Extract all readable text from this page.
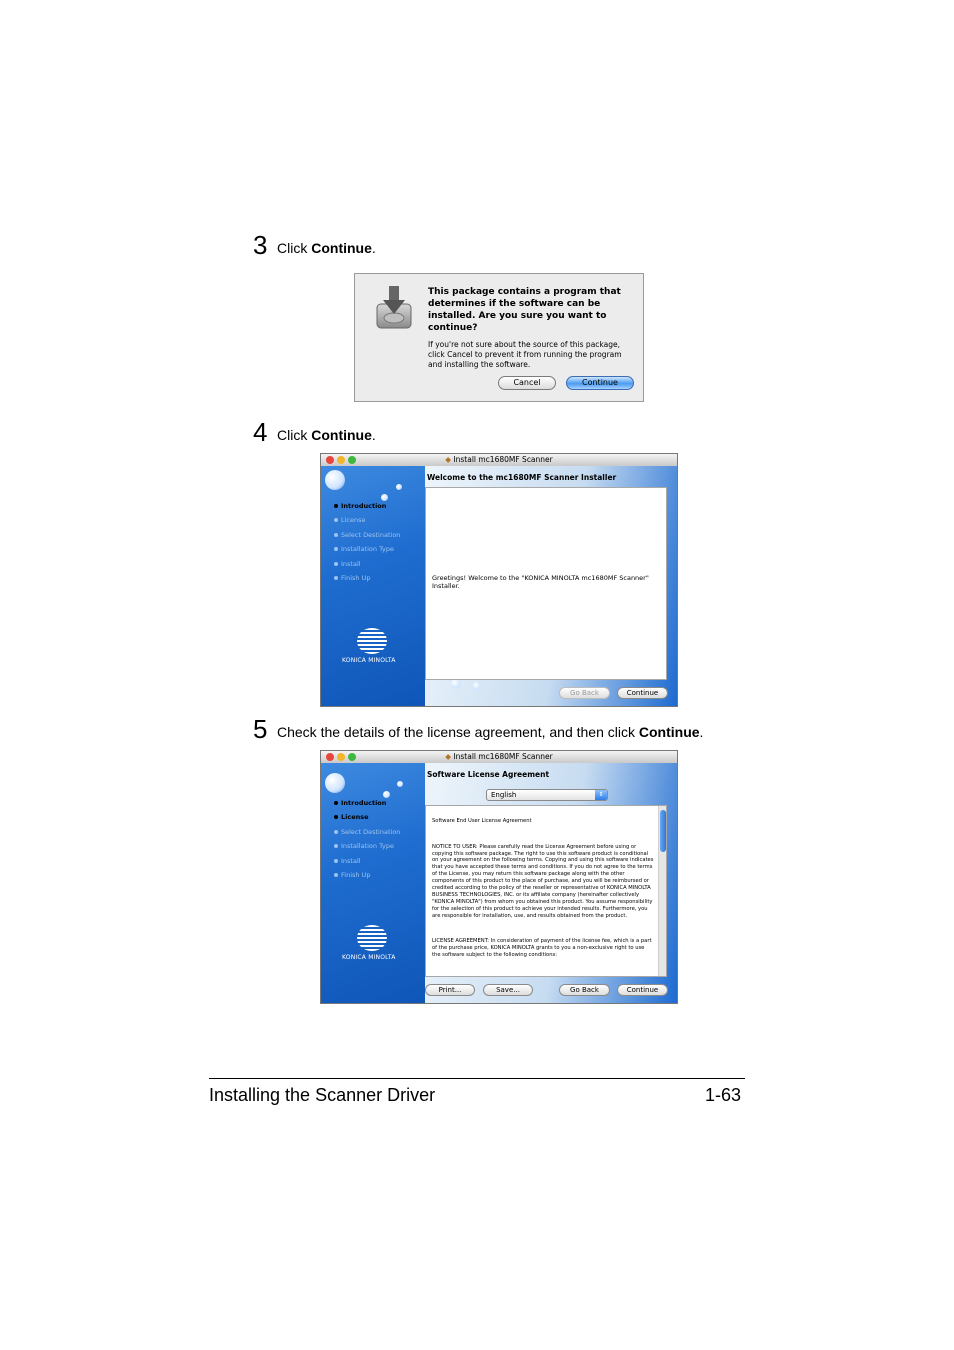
3 Click Continue.
This package contains a program that determines if the software can be installed. Are you sure you want to continue?
If you're not sure about the source of this package, click Cancel to prevent it from running the program and installing the software.
Cancel	Continue
4 Click Continue.
◆ Install mc1680MF Scanner
Welcome to the mc1680MF Scanner Installer
Introduction
License
Select Destination
Installation Type
Install
Finish Up
KONICA MINOLTA
Greetings! Welcome to the "KONICA MINOLTA mc1680MF Scanner" Installer.
Go Back	Continue
5 Check the details of the license agreement, and then click Continue.
◆ Install mc1680MF Scanner
Software License Agreement
Introduction
License
Select Destination
Installation Type
Install
Finish Up
KONICA MINOLTA
English	⇕

Software End User License Agreement

NOTICE TO USER: Please carefully read the License Agreement before using or copying this software package. The right to use this software product is conditional on your agreement on the following terms. Copying and using this software indicates that you have accepted these terms and conditions. If you do not agree to the terms of the License, you may return this software package along with the other components of this product to the place of purchase, and you will be reimbursed or credited according to the policy of the reseller or representative of KONICA MINOLTA BUSINESS TECHNOLOGIES, INC. or its affiliate company (hereinafter collectively "KONICA MINOLTA") from whom you obtained this product. You assume responsibility for the selection of this product to achieve your intended results. Furthermore, you are responsible for installation, use, and results obtained from the product.

LICENSE AGREEMENT: In consideration of payment of the license fee, which is a part of the purchase price, KONICA MINOLTA grants to you a non-exclusive right to use the software subject to the following conditions:

Print...	Save...	Go Back	Continue
Installing the Scanner Driver	1-63
